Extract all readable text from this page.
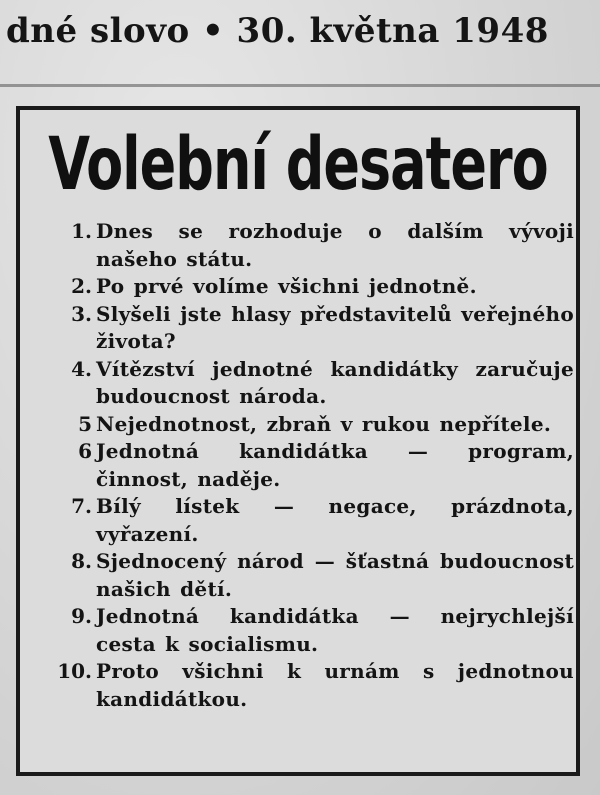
dné slovo • 30. května 1948
Volební desatero
1. Dnes se rozhoduje o dalším vývoji našeho státu.
2. Po prvé volíme všichni jednotně.
3. Slyšeli jste hlasy představitelů veřejného života?
4. Vítězství jednotné kandidátky zaručuje budoucnost národa.
5 Nejednotnost, zbraň v rukou nepřítele.
6 Jednotná kandidátka — program, činnost, naděje.
7. Bílý lístek — negace, prázdnota, vyřazení.
8. Sjednocený národ — šťastná budoucnost našich dětí.
9. Jednotná kandidátka — nejrychlejší cesta k socialismu.
10. Proto všichni k urnám s jednotnou kandidátkou.
